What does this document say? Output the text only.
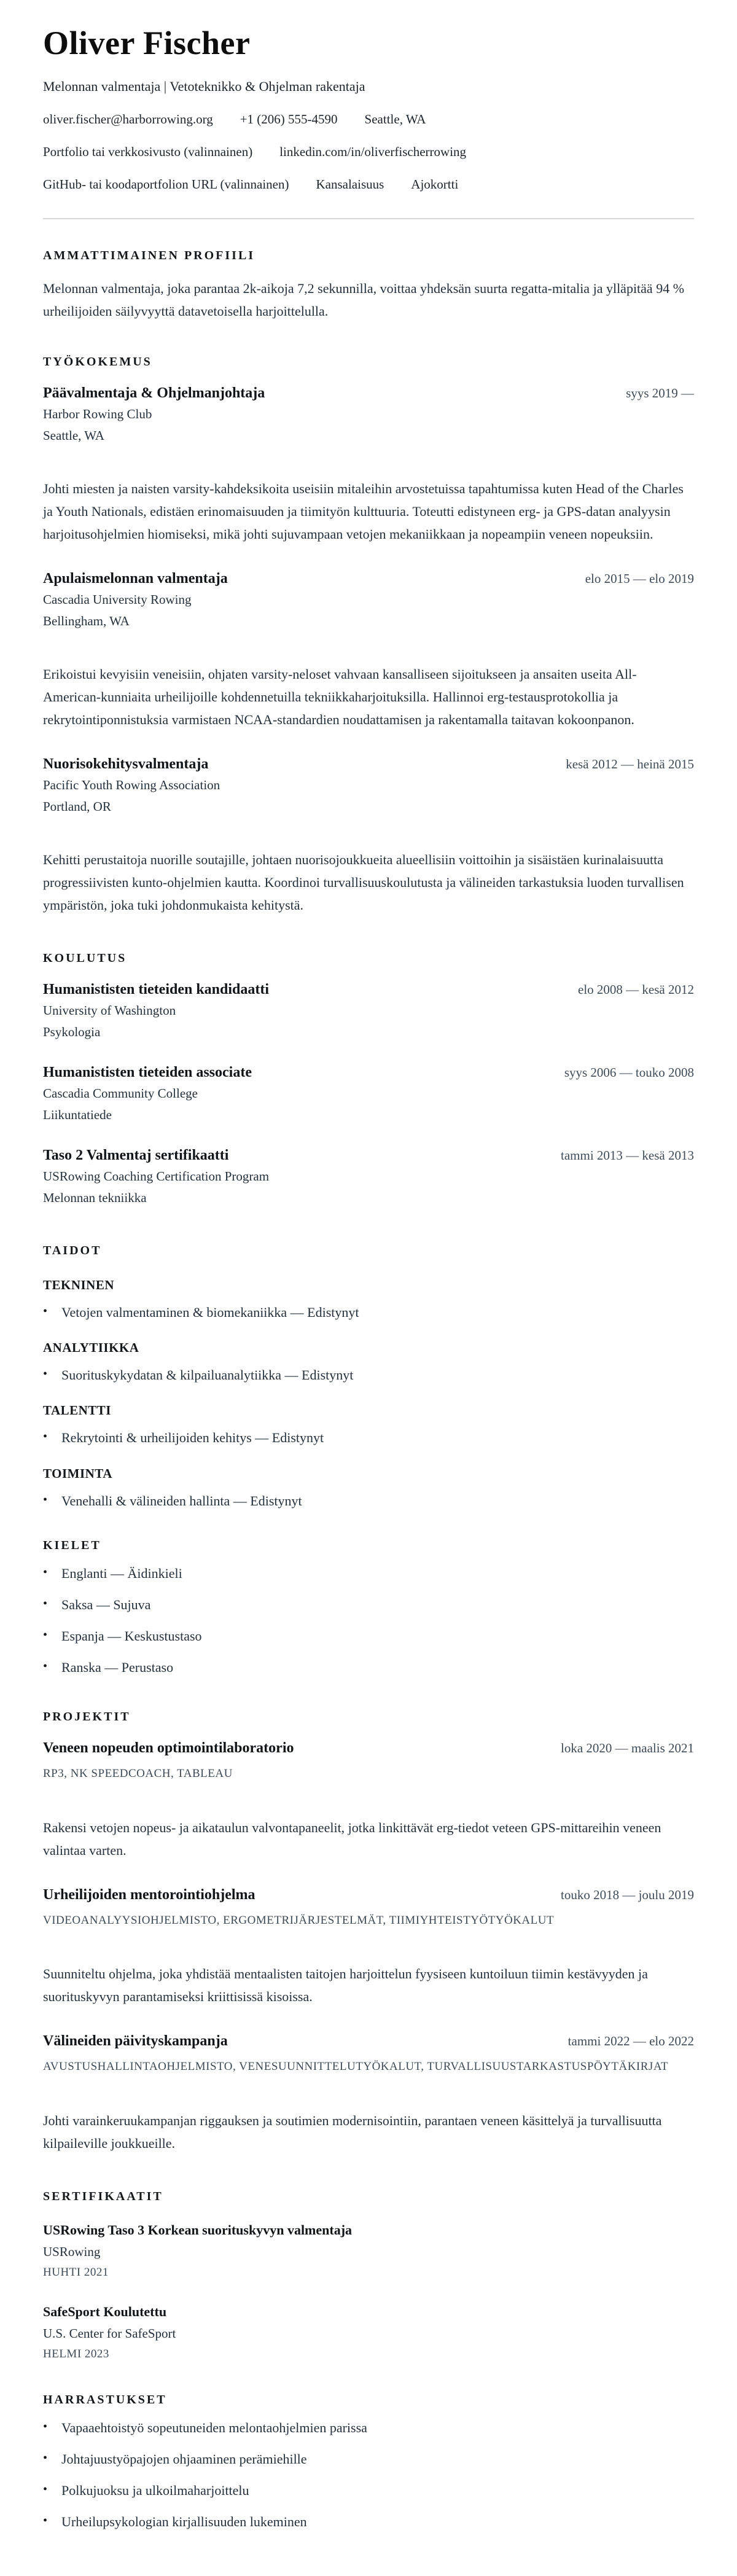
Oliver Fischer
Melonnan valmentaja | Vetoteknikko & Ohjelman rakentaja
oliver.fischer@harborrowing.org +1 (206) 555-4590 Seattle, WA
Portfolio tai verkkosivusto (valinnainen) linkedin.com/in/oliverfischerrowing
GitHub- tai koodaportfolion URL (valinnainen) Kansalaisuus Ajokortti
AMMATTIMAINEN PROFIILI

Melonnan valmentaja, joka parantaa 2k-aikoja 7,2 sekunnilla, voittaa yhdeksän suurta regatta-mitalia ja ylläpitää 94 % urheilijoiden säilyvyyttä datavetoisella harjoittelulla.

TYÖKOKEMUS
Päävalmentaja & Ohjelmanjohtaja	syys 2019 —
Harbor Rowing Club
Seattle, WA

Johti miesten ja naisten varsity-kahdeksikoita useisiin mitaleihin arvostetuissa tapahtumissa kuten Head of the Charles ja Youth Nationals, edistäen erinomaisuuden ja tiimityön kulttuuria. Toteutti edistyneen erg- ja GPS-datan analyysin harjoitusohjelmien hiomiseksi, mikä johti sujuvampaan vetojen mekaniikkaan ja nopeampiin veneen nopeuksiin.

Apulaismelonnan valmentaja	elo 2015 — elo 2019
Cascadia University Rowing
Bellingham, WA

Erikoistui kevyisiin veneisiin, ohjaten varsity-neloset vahvaan kansalliseen sijoitukseen ja ansaiten useita All-American-kunniaita urheilijoille kohdennetuilla tekniikkaharjoituksilla. Hallinnoi erg-testausprotokollia ja rekrytointiponnistuksia varmistaen NCAA-standardien noudattamisen ja rakentamalla taitavan kokoonpanon.

Nuorisokehitysvalmentaja	kesä 2012 — heinä 2015
Pacific Youth Rowing Association
Portland, OR

Kehitti perustaitoja nuorille soutajille, johtaen nuorisojoukkueita alueellisiin voittoihin ja sisäistäen kurinalaisuutta progressiivisten kunto-ohjelmien kautta. Koordinoi turvallisuuskoulutusta ja välineiden tarkastuksia luoden turvallisen ympäristön, joka tuki johdonmukaista kehitystä.

KOULUTUS
Humanististen tieteiden kandidaatti	elo 2008 — kesä 2012
University of Washington
Psykologia
Humanististen tieteiden associate	syys 2006 — touko 2008
Cascadia Community College
Liikuntatiede
Taso 2 Valmentaj sertifikaatti	tammi 2013 — kesä 2013
USRowing Coaching Certification Program
Melonnan tekniikka
TAIDOT
TEKNINEN
•	Vetojen valmentaminen & biomekaniikka — Edistynyt
ANALYTIIKKA
•	Suorituskykydatan & kilpailuanalytiikka — Edistynyt
TALENTTI
•	Rekrytointi & urheilijoiden kehitys — Edistynyt
TOIMINTA
•	Venehalli & välineiden hallinta — Edistynyt
KIELET
•	Englanti — Äidinkieli
•	Saksa — Sujuva
•	Espanja — Keskustustaso
•	Ranska — Perustaso
PROJEKTIT
Veneen nopeuden optimointilaboratorio	loka 2020 — maalis 2021
RP3, NK SPEEDCOACH, TABLEAU

Rakensi vetojen nopeus- ja aikataulun valvontapaneelit, jotka linkittävät erg-tiedot veteen GPS-mittareihin veneen valintaa varten.

Urheilijoiden mentorointiohjelma	touko 2018 — joulu 2019
VIDEOANALYYSIOHJELMISTO, ERGOMETRIJÄRJESTELMÄT, TIIMIYHTEISTYÖTYÖKALUT

Suunniteltu ohjelma, joka yhdistää mentaalisten taitojen harjoittelun fyysiseen kuntoiluun tiimin kestävyyden ja suorituskyvyn parantamiseksi kriittisissä kisoissa.

Välineiden päivityskampanja	tammi 2022 — elo 2022
AVUSTUSHALLINTAOHJELMISTO, VENESUUNNITTELUTYÖKALUT, TURVALLISUUSTARKASTUSPÖYTÄKIRJAT

Johti varainkeruukampanjan riggauksen ja soutimien modernisointiin, parantaen veneen käsittelyä ja turvallisuutta kilpaileville joukkueille.

SERTIFIKAATIT
USRowing Taso 3 Korkean suorituskyvyn valmentaja
USRowing
HUHTI 2021
SafeSport Koulutettu
U.S. Center for SafeSport
HELMI 2023
HARRASTUKSET
•	Vapaaehtoistyö sopeutuneiden melontaohjelmien parissa
•	Johtajuustyöpajojen ohjaaminen perämiehille
•	Polkujuoksu ja ulkoilmaharjoittelu
•	Urheilupsykologian kirjallisuuden lukeminen
